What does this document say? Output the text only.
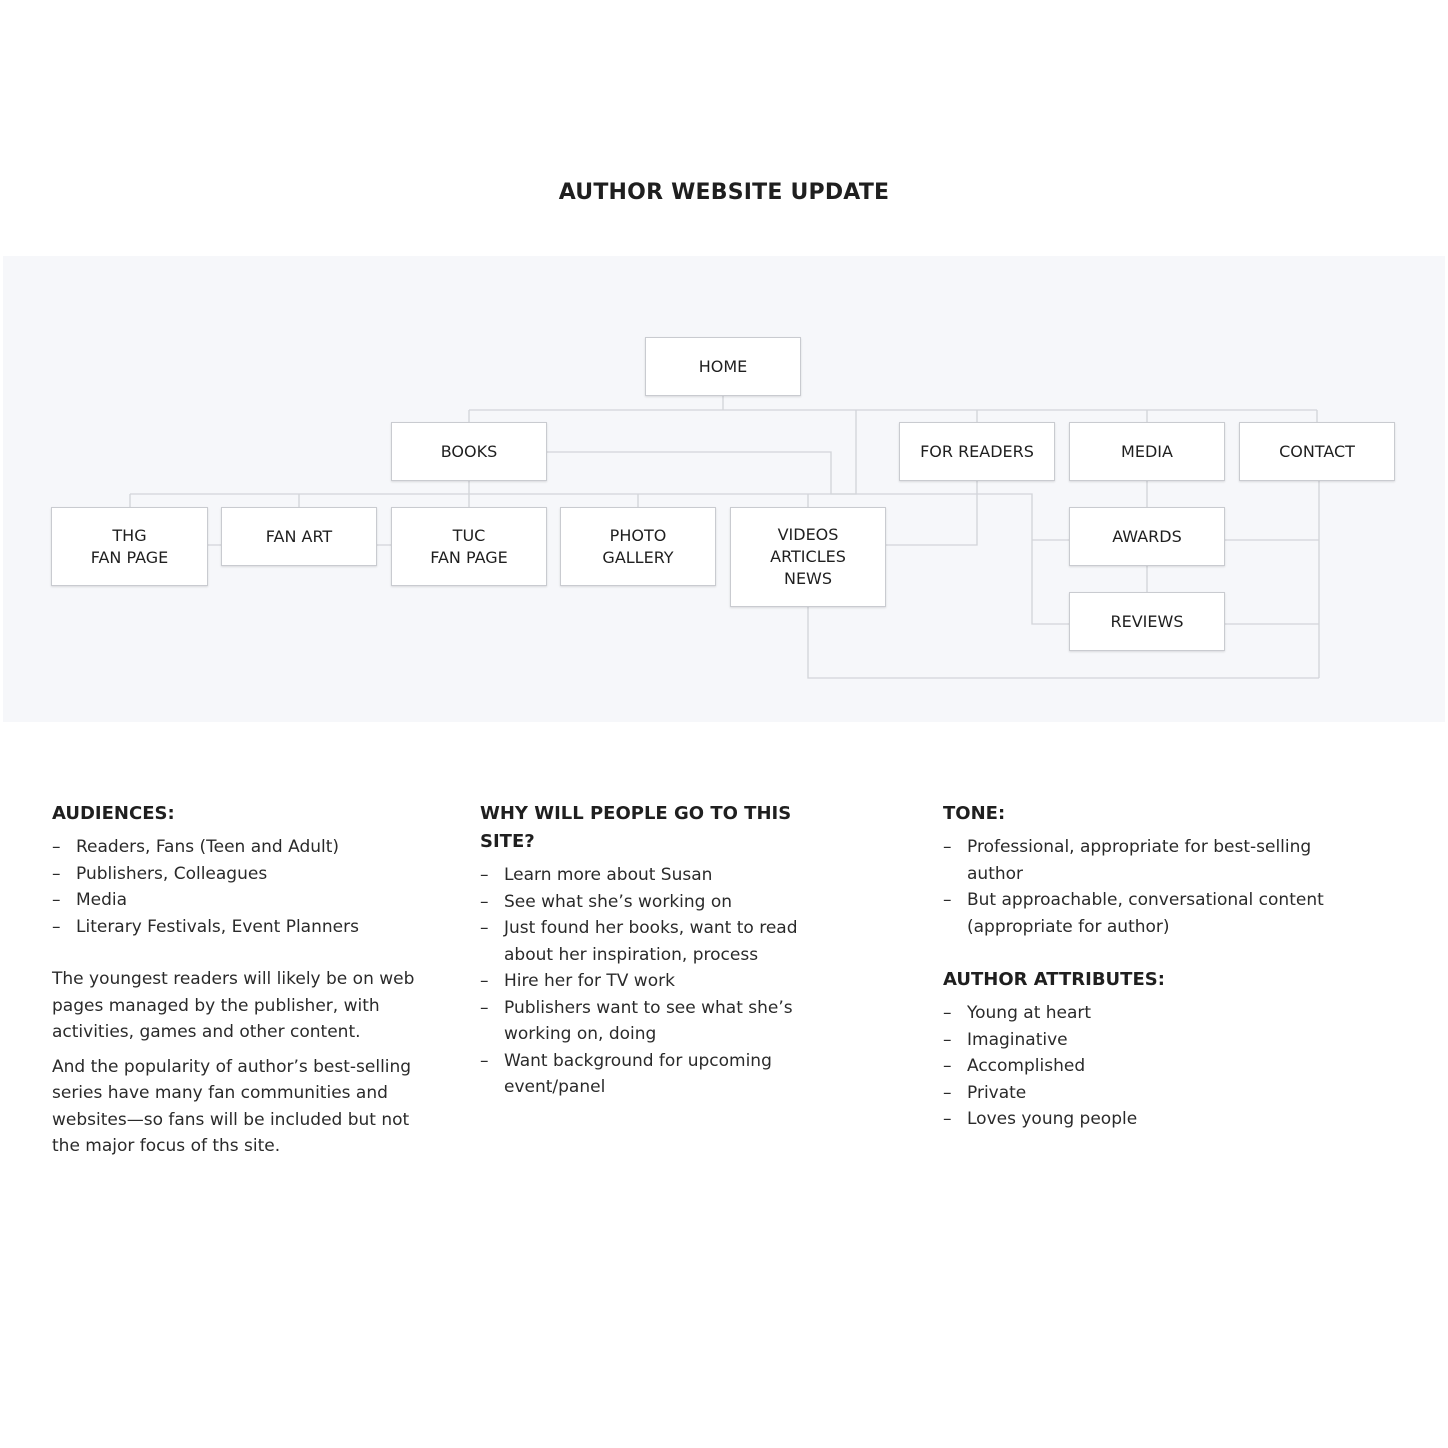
AUTHOR WEBSITE UPDATE
HOME
BOOKS	FOR READERS	MEDIA	CONTACT
THG
FAN PAGE
FAN ART	TUC
FAN PAGE
PHOTO
GALLERY
VIDEOS
ARTICLES
NEWS
AWARDS
REVIEWS
AUDIENCES:
– Readers, Fans (Teen and Adult)
– Publishers, Colleagues
– Media
– Literary Festivals, Event Planners

The youngest readers will likely be on web pages managed by the publisher, with activities, games and other content.

And the popularity of author’s best-selling series have many fan communities and websites—so fans will be included but not the major focus of ths site.

WHY WILL PEOPLE GO TO THIS SITE?
– Learn more about Susan
– See what she’s working on
– Just found her books, want to read about her inspiration, process
– Hire her for TV work
– Publishers want to see what she’s working on, doing
– Want background for upcoming event/panel
TONE:
– Professional, appropriate for best-selling author
– But approachable, conversational content (appropriate for author)
AUTHOR ATTRIBUTES:
– Young at heart
– Imaginative
– Accomplished
– Private
– Loves young people
